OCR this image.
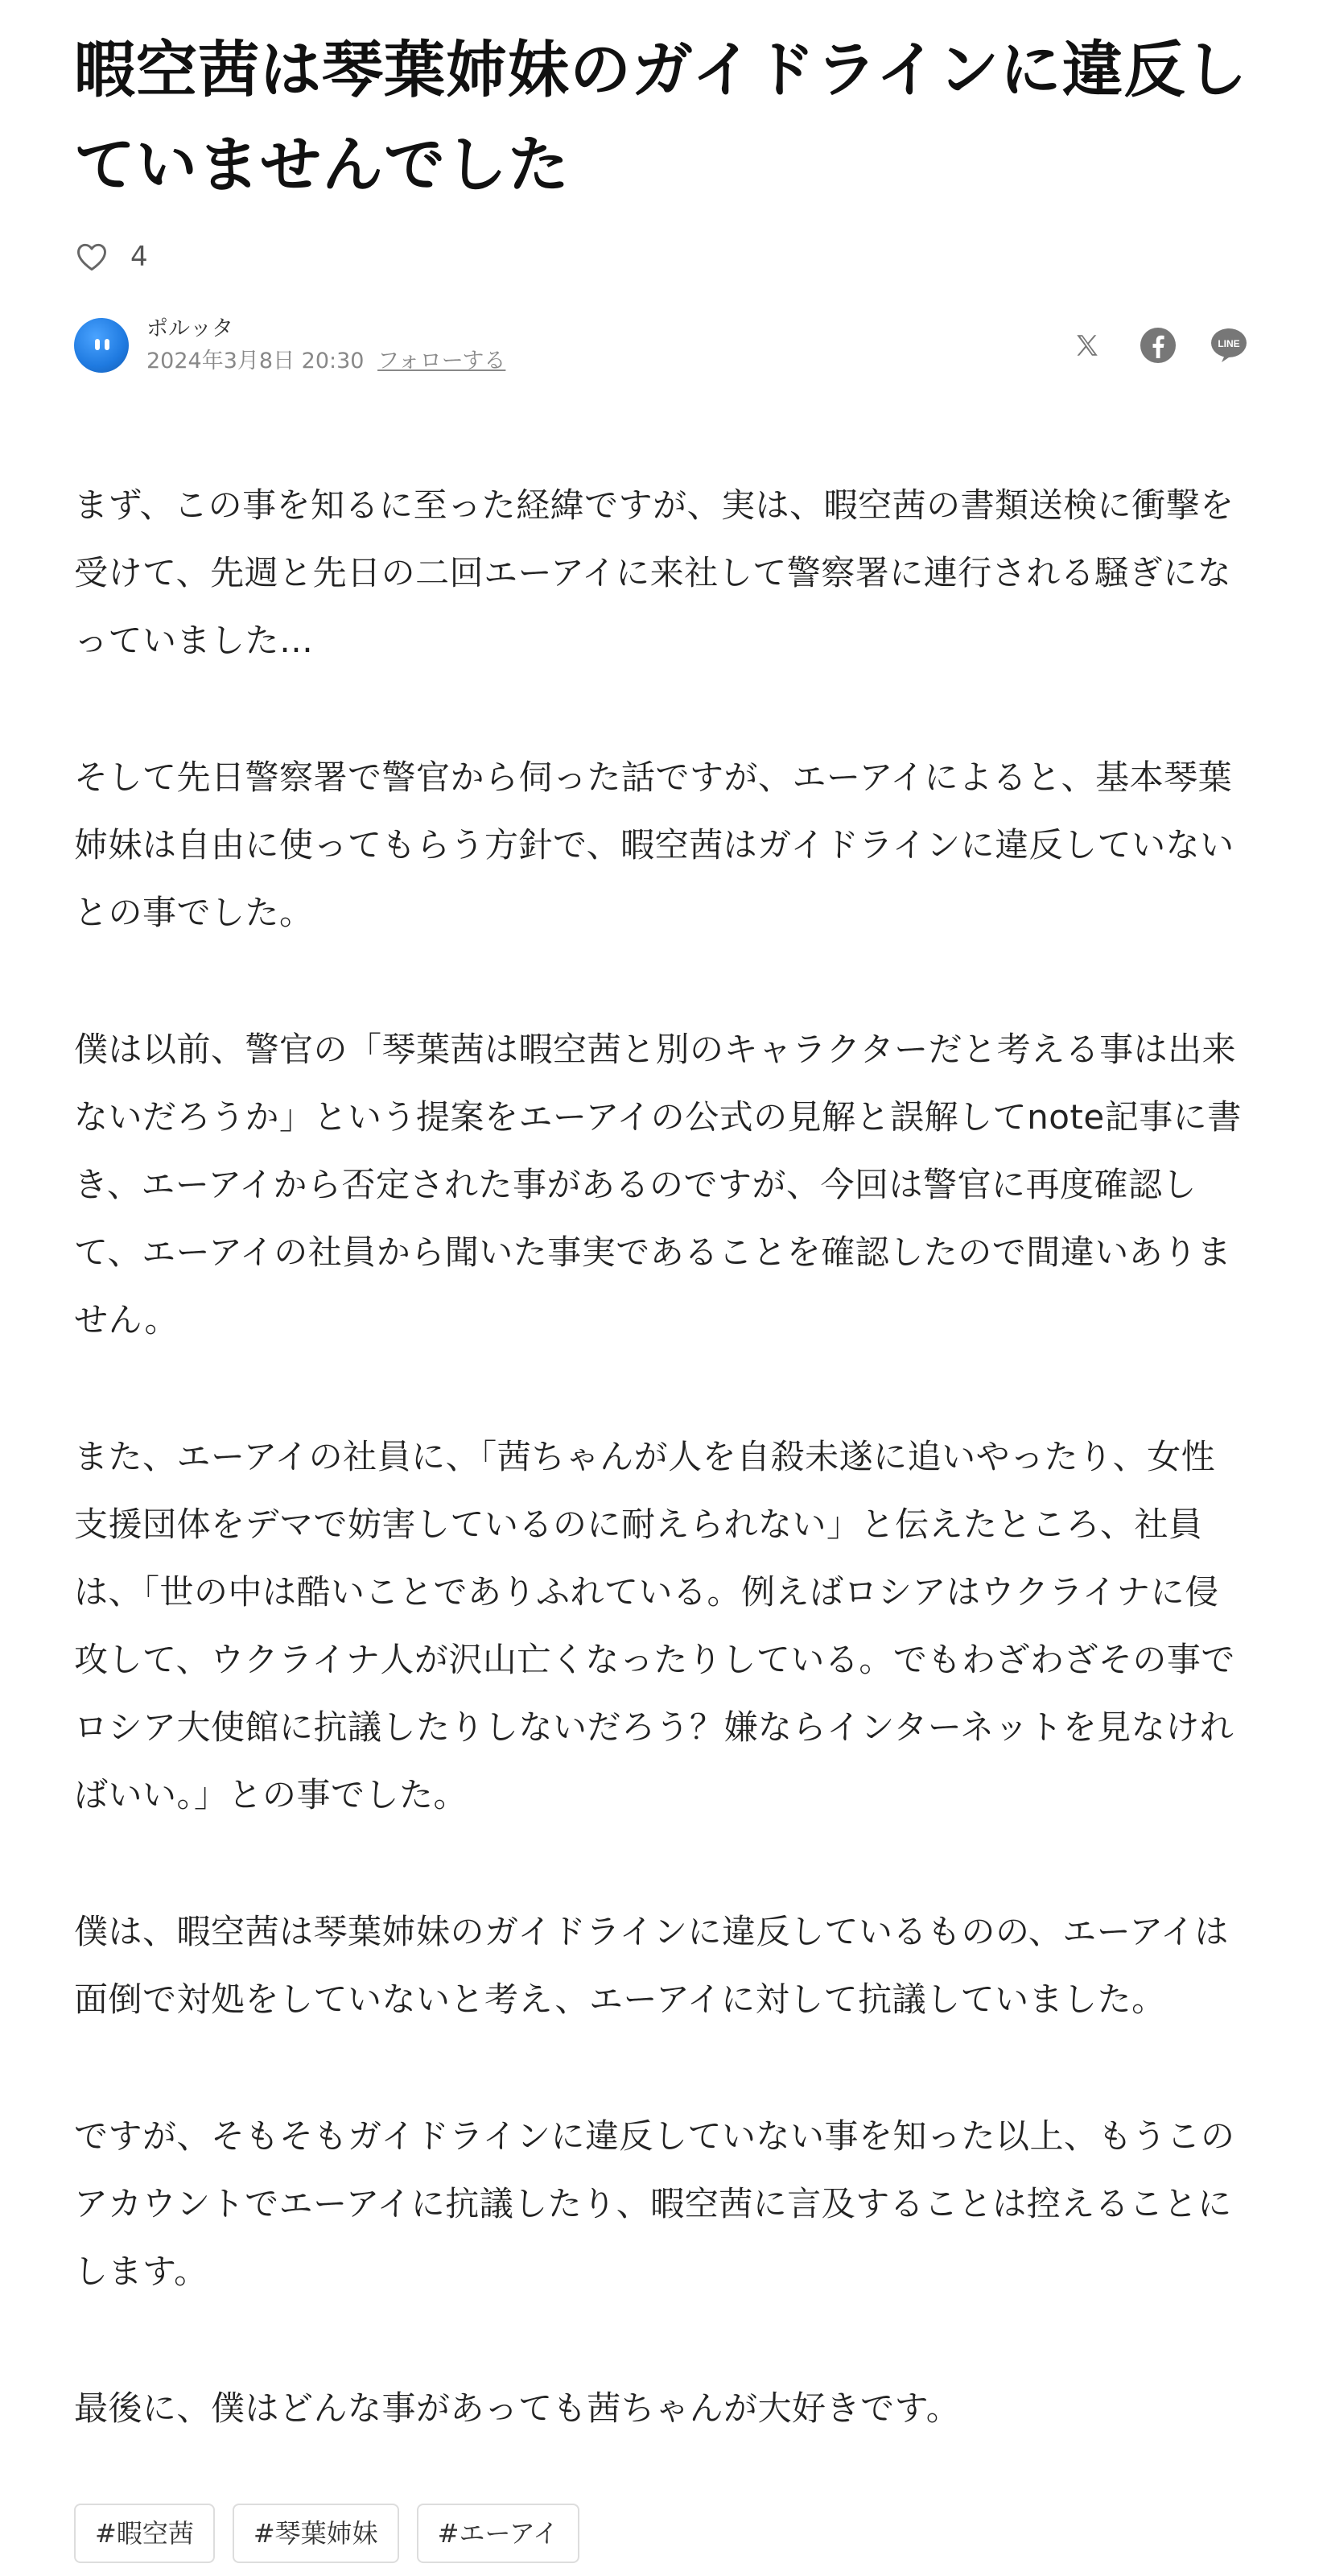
暇空茜は琴葉姉妹のガイドラインに違反していませんでした
4
ポルッタ
2024年3月8日 20:30 フォローする
LINE

まず、この事を知るに至った経緯ですが、実は、暇空茜の書類送検に衝撃を受けて、先週と先日の二回エーアイに来社して警察署に連行される騒ぎになっていました…

そして先日警察署で警官から伺った話ですが、エーアイによると、基本琴葉姉妹は自由に使ってもらう方針で、暇空茜はガイドラインに違反していないとの事でした。

僕は以前、警官の「琴葉茜は暇空茜と別のキャラクターだと考える事は出来ないだろうか」という提案をエーアイの公式の見解と誤解してnote記事に書き、エーアイから否定された事があるのですが、今回は警官に再度確認して、エーアイの社員から聞いた事実であることを確認したので間違いありません。

また、エーアイの社員に、「茜ちゃんが人を自殺未遂に追いやったり、女性支援団体をデマで妨害しているのに耐えられない」と伝えたところ、社員は、「世の中は酷いことでありふれている。例えばロシアはウクライナに侵攻して、ウクライナ人が沢山亡くなったりしている。でもわざわざその事でロシア大使館に抗議したりしないだろう？嫌ならインターネットを見なければいい。」との事でした。

僕は、暇空茜は琴葉姉妹のガイドラインに違反しているものの、エーアイは面倒で対処をしていないと考え、エーアイに対して抗議していました。

ですが、そもそもガイドラインに違反していない事を知った以上、もうこのアカウントでエーアイに抗議したり、暇空茜に言及することは控えることにします。

最後に、僕はどんな事があっても茜ちゃんが大好きです。

#暇空茜	#琴葉姉妹	#エーアイ
